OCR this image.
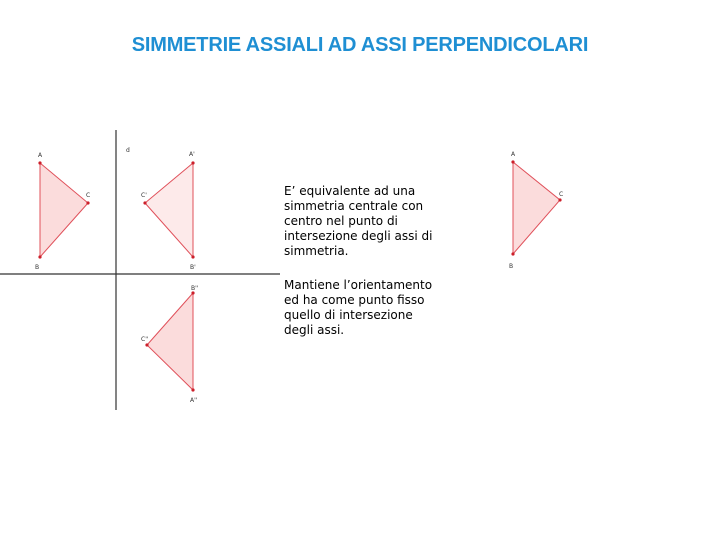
SIMMETRIE ASSIALI AD ASSI PERPENDICOLARI
d
A
B
C
A'
B'
C'
A''
B''
C''
A
B
C
E’ equivalente ad una simmetria centrale con centro nel punto di intersezione degli assi di simmetria.
Mantiene l’orientamento ed ha come punto fisso quello di intersezione degli assi.
